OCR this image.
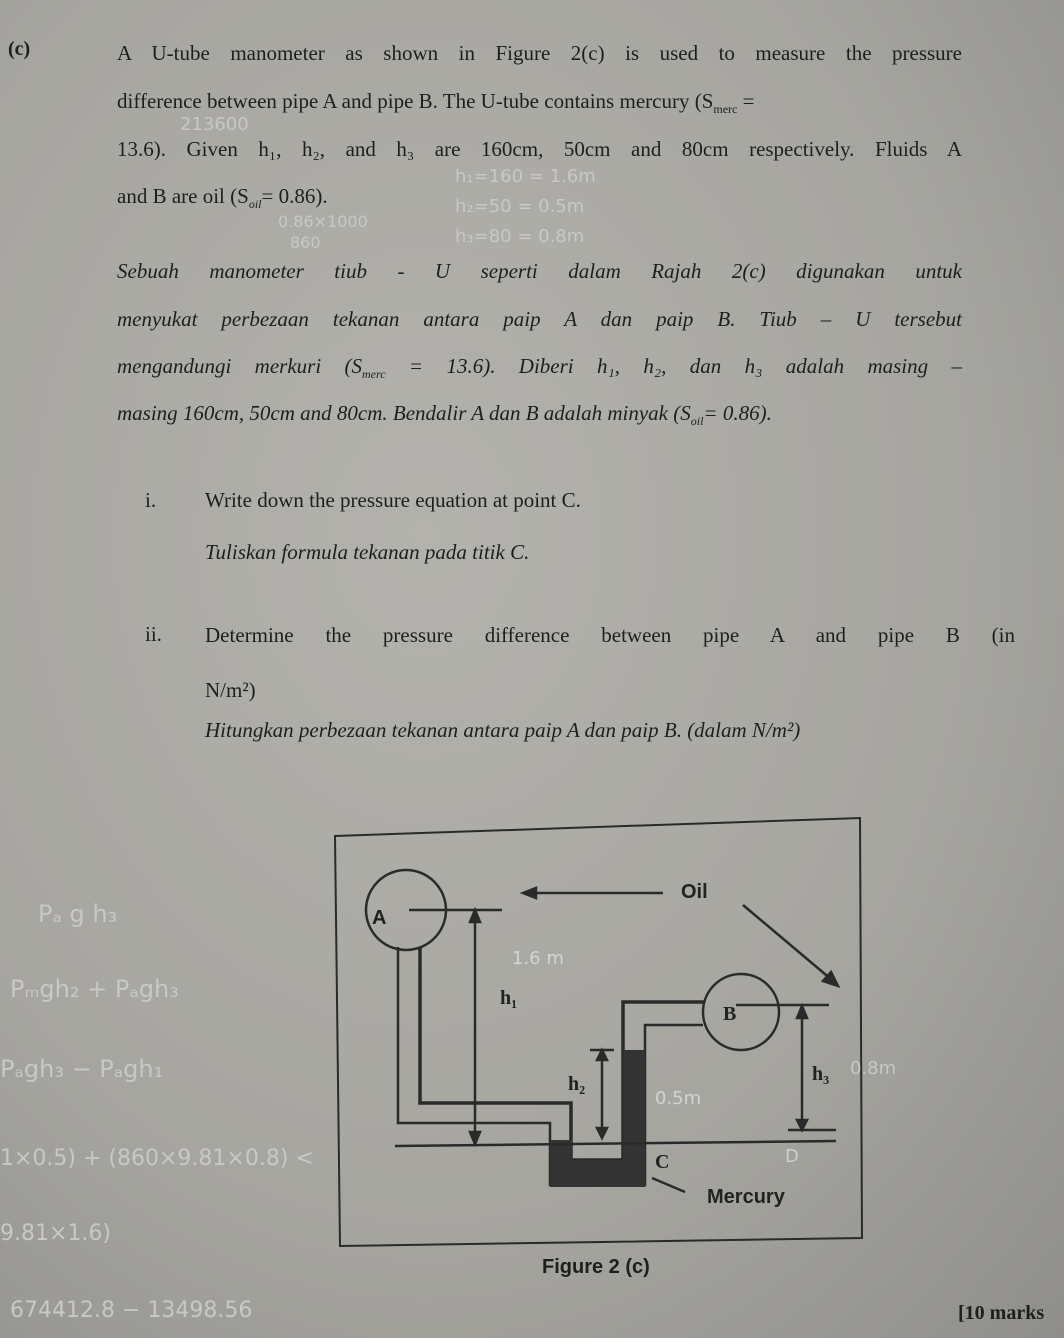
(c)	A U-tube manometer as shown in Figure 2(c) is used to measure the pressure
difference between pipe A and pipe B. The U-tube contains mercury ($S_{merc}$ =
13.6). Given h₁, h₂, and h₃ are 160cm, 50cm and 80cm respectively. Fluids A
and B are oil $(S_{oil}= 0.86)$.
Sebuah manometer tiub - U seperti dalam Rajah 2(c) digunakan untuk
menyukat perbezaan tekanan antara paip A dan paip B. Tiub – U tersebut
mengandungi merkuri $(S_{merc} = 13.6)$. Diberi h₁, h₂, dan h₃ adalah masing –
masing 160cm, 50cm and 80cm. Bendalir A dan B adalah minyak $(S_{oil}= 0.86)$.
i. Write down the pressure equation at point C.
Tuliskan formula tekanan pada titik C.
ii. Determine the pressure difference between pipe A and pipe B (in
N/m²)
Hitungkan perbezaan tekanan antara paip A dan paip B. (dalam N/m²)
A
B
C
Oil
Mercury
h₁
h₂	h₃
D
Figure 2 (c)
[10 marks
213600
h₁=160 = 1.6m
h₂=50 = 0.5m
h₃=80 = 0.8m
0.86×1000
860
1.6 m
0.5m
0.8m
Pₐ g h₃
Pₘgh₂ + Pₐgh₃
Pₐgh₃ − Pₐgh₁
1×0.5) + (860×9.81×0.8) <
9.81×1.6)
674412.8 − 13498.56
